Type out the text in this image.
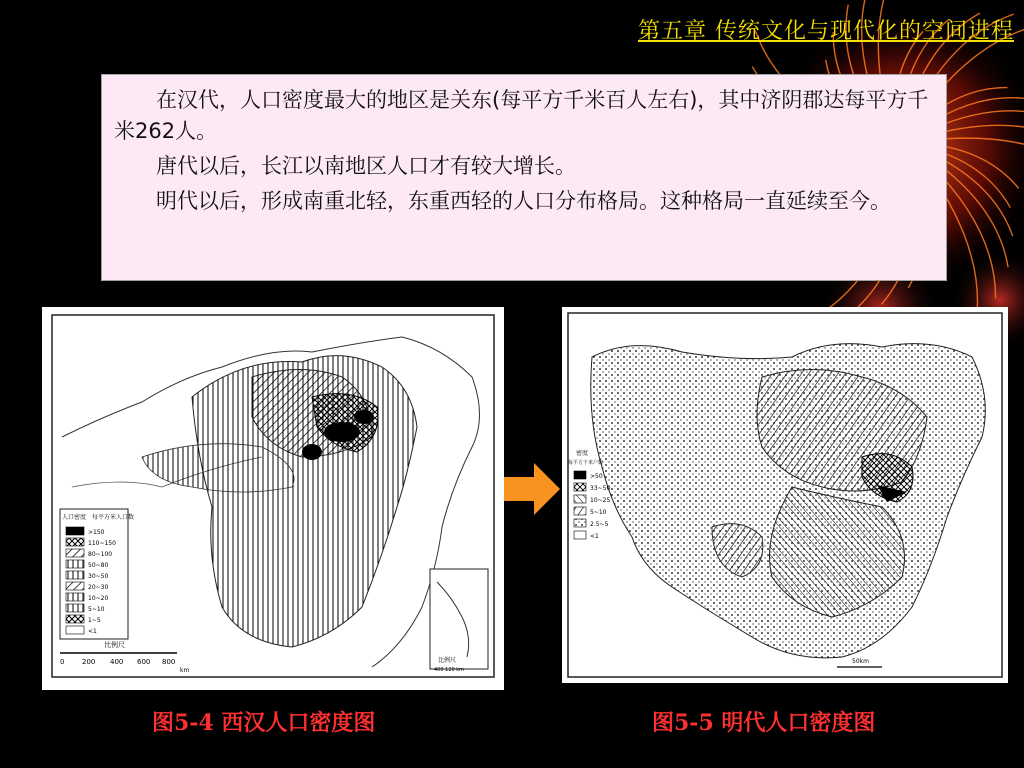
第五章 传统文化与现代化的空间进程

在汉代，人口密度最大的地区是关东(每平方千米百人左右)，其中济阴郡达每平方千米262人。

唐代以后，长江以南地区人口才有较大增长。

明代以后，形成南重北轻，东重西轻的人口分布格局。这种格局一直延续至今。

每平方米人口数
人口密度
>150
110~150
80~100
50~80
30~50
20~30
10~20
5~10
1~5
<1
比例尺
0	200 400 600 800
km
比例尺
400 120 km
密度
每平方千米户数
>50
33~50
10~25
5~10
2.5~5
<1
50km
图5-4 西汉人口密度图	图5-5 明代人口密度图
